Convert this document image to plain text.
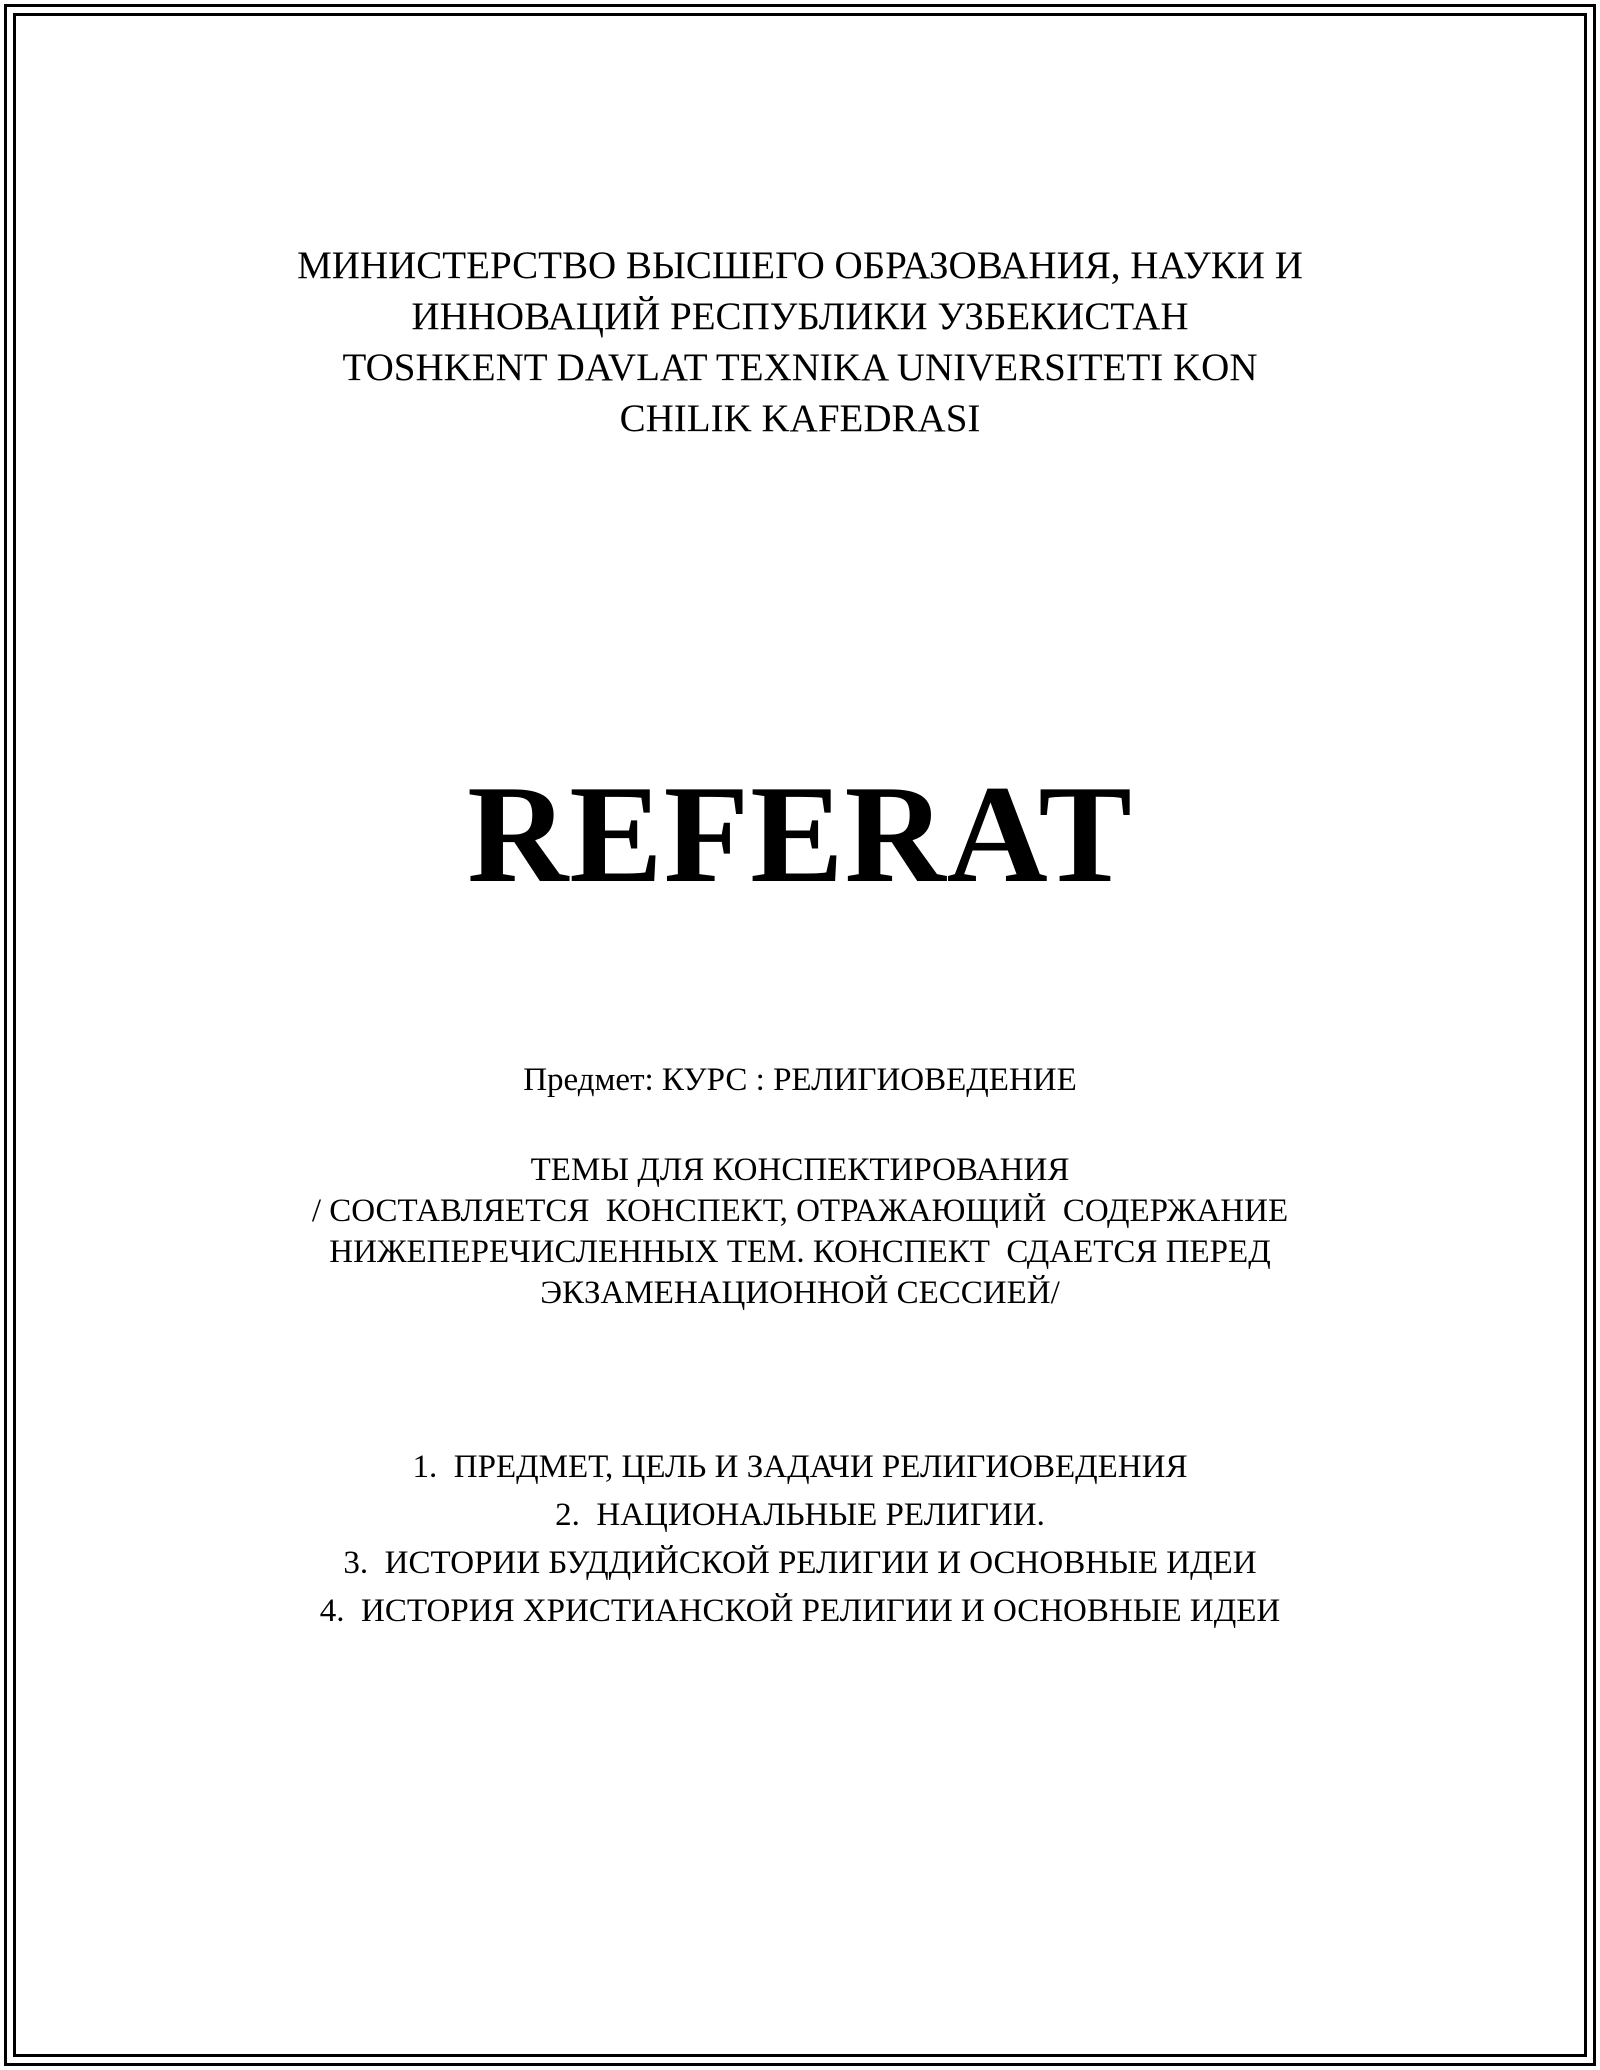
МИНИСТЕРСТВО ВЫСШЕГО ОБРАЗОВАНИЯ, НАУКИ И
ИННОВАЦИЙ РЕСПУБЛИКИ УЗБЕКИСТАН
TOSHKENT DAVLAT TEXNIKA UNIVERSITETI KON
CHILIK KAFEDRASI
REFERAT
Предмет: КУРС : РЕЛИГИОВЕДЕНИЕ
ТЕМЫ ДЛЯ КОНСПЕКТИРОВАНИЯ
/ СОСТАВЛЯЕТСЯ  КОНСПЕКТ, ОТРАЖАЮЩИЙ  СОДЕРЖАНИЕ
НИЖЕПЕРЕЧИСЛЕННЫХ ТЕМ. КОНСПЕКТ  СДАЕТСЯ ПЕРЕД
ЭКЗАМЕНАЦИОННОЙ СЕССИЕЙ/
1.  ПРЕДМЕТ, ЦЕЛЬ И ЗАДАЧИ РЕЛИГИОВЕДЕНИЯ
2.  НАЦИОНАЛЬНЫЕ РЕЛИГИИ.
3.  ИСТОРИИ БУДДИЙСКОЙ РЕЛИГИИ И ОСНОВНЫЕ ИДЕИ
4.  ИСТОРИЯ ХРИСТИАНСКОЙ РЕЛИГИИ И ОСНОВНЫЕ ИДЕИ
